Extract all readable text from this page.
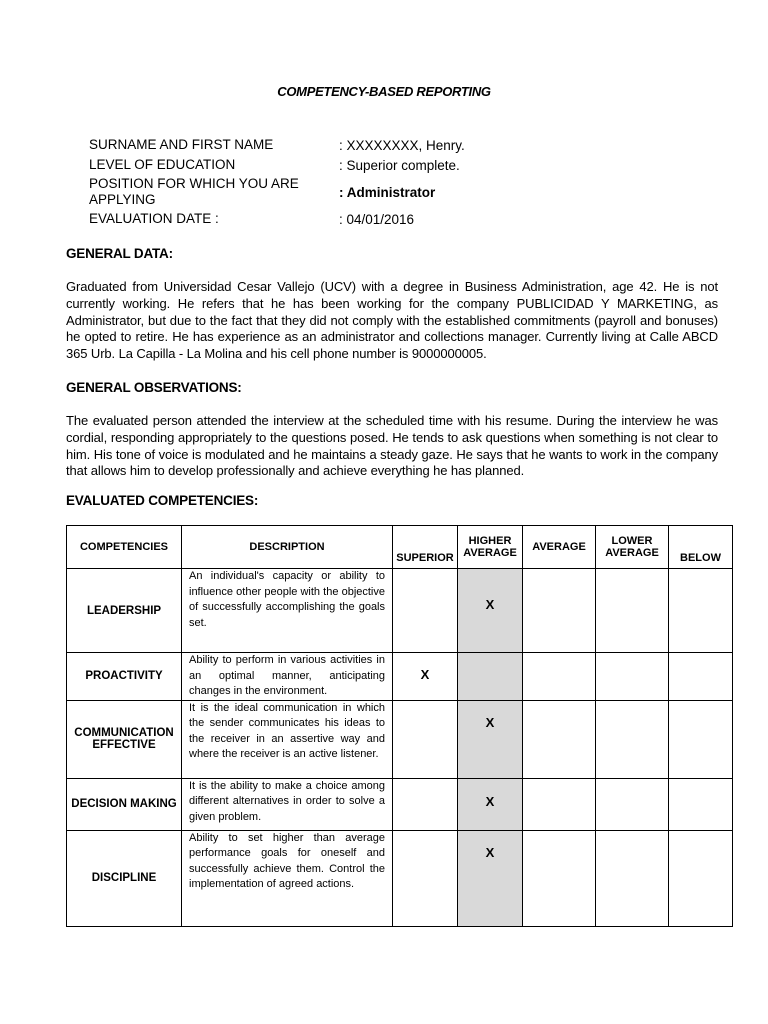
COMPETENCY-BASED REPORTING
SURNAME AND FIRST NAME	: XXXXXXXX, Henry.
LEVEL OF EDUCATION	: Superior complete.
POSITION FOR WHICH YOU ARE APPLYING	: Administrator
EVALUATION DATE :	: 04/01/2016
GENERAL DATA:
Graduated from Universidad Cesar Vallejo (UCV) with a degree in Business Administration, age 42. He is not currently working. He refers that he has been working for the company PUBLICIDAD Y MARKETING, as Administrator, but due to the fact that they did not comply with the established commitments (payroll and bonuses) he opted to retire. He has experience as an administrator and collections manager. Currently living at Calle ABCD 365 Urb. La Capilla - La Molina and his cell phone number is 9000000005.
GENERAL OBSERVATIONS:
The evaluated person attended the interview at the scheduled time with his resume. During the interview he was cordial, responding appropriately to the questions posed. He tends to ask questions when something is not clear to him. His tone of voice is modulated and he maintains a steady gaze. He says that he wants to work in the company that allows him to develop professionally and achieve everything he has planned.
EVALUATED COMPETENCIES:
COMPETENCIES	DESCRIPTION	SUPERIOR	HIGHER AVERAGE	AVERAGE	LOWER AVERAGE	BELOW
LEADERSHIP	An individual's capacity or ability to influence other people with the objective of successfully accomplishing the goals set.		X			

PROACTIVITY	Ability to perform in various activities in an optimal manner, anticipating changes in the environment.	X				

COMMUNICATION EFFECTIVE	It is the ideal communication in which the sender communicates his ideas to the receiver in an assertive way and where the receiver is an active listener.		X			

DECISION MAKING	It is the ability to make a choice among different alternatives in order to solve a given problem.		X			

DISCIPLINE	Ability to set higher than average performance goals for oneself and successfully achieve them. Control the implementation of agreed actions.		X			
